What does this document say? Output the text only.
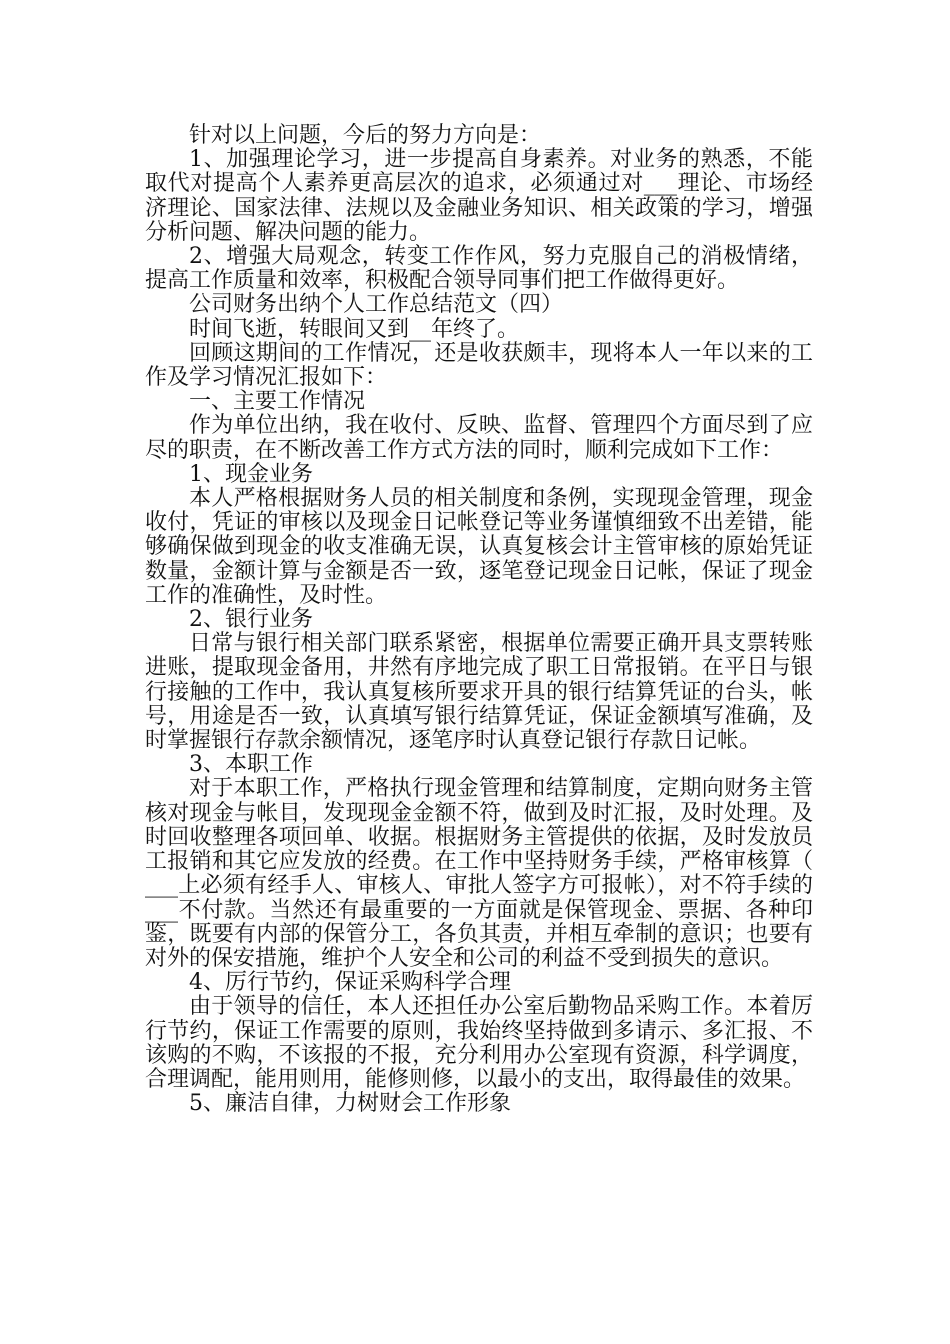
针对以上问题，今后的努力方向是：

1、加强理论学习，进一步提高自身素养。对业务的熟悉，不能取代对提高个人素养更高层次的追求，必须通过对___理论、市场经济理论、国家法律、法规以及金融业务知识、相关政策的学习，增强分析问题、解决问题的能力。

2、增强大局观念，转变工作作风，努力克服自己的消极情绪，提高工作质量和效率，积极配合领导同事们把工作做得更好。

公司财务出纳个人工作总结范文（四）

时间飞逝，转眼间又到__年终了。

回顾这期间的工作情况，还是收获颇丰，现将本人一年以来的工作及学习情况汇报如下：

一、主要工作情况

作为单位出纳，我在收付、反映、监督、管理四个方面尽到了应尽的职责，在不断改善工作方式方法的同时，顺利完成如下工作：

1、现金业务

本人严格根据财务人员的相关制度和条例，实现现金管理，现金收付，凭证的审核以及现金日记帐登记等业务谨慎细致不出差错，能够确保做到现金的收支准确无误，认真复核会计主管审核的原始凭证数量，金额计算与金额是否一致，逐笔登记现金日记帐，保证了现金工作的准确性，及时性。

2、银行业务

日常与银行相关部门联系紧密，根据单位需要正确开具支票转账进账，提取现金备用，井然有序地完成了职工日常报销。在平日与银行接触的工作中，我认真复核所要求开具的银行结算凭证的台头，帐号，用途是否一致，认真填写银行结算凭证，保证金额填写准确，及时掌握银行存款余额情况，逐笔序时认真登记银行存款日记帐。

3、本职工作

对于本职工作，严格执行现金管理和结算制度，定期向财务主管核对现金与帐目，发现现金金额不符，做到及时汇报，及时处理。及时回收整理各项回单、收据。根据财务主管提供的依据，及时发放员工报销和其它应发放的经费。在工作中坚持财务手续，严格审核算（___上必须有经手人、审核人、审批人签字方可报帐），对不符手续的___不付款。当然还有最重要的一方面就是保管现金、票据、各种印鉴，既要有内部的保管分工，各负其责，并相互牵制的意识；也要有对外的保安措施，维护个人安全和公司的利益不受到损失的意识。

4、厉行节约，保证采购科学合理

由于领导的信任，本人还担任办公室后勤物品采购工作。本着厉行节约，保证工作需要的原则，我始终坚持做到多请示、多汇报、不该购的不购，不该报的不报，充分利用办公室现有资源，科学调度，合理调配，能用则用，能修则修，以最小的支出，取得最佳的效果。

5、廉洁自律，力树财会工作形象
